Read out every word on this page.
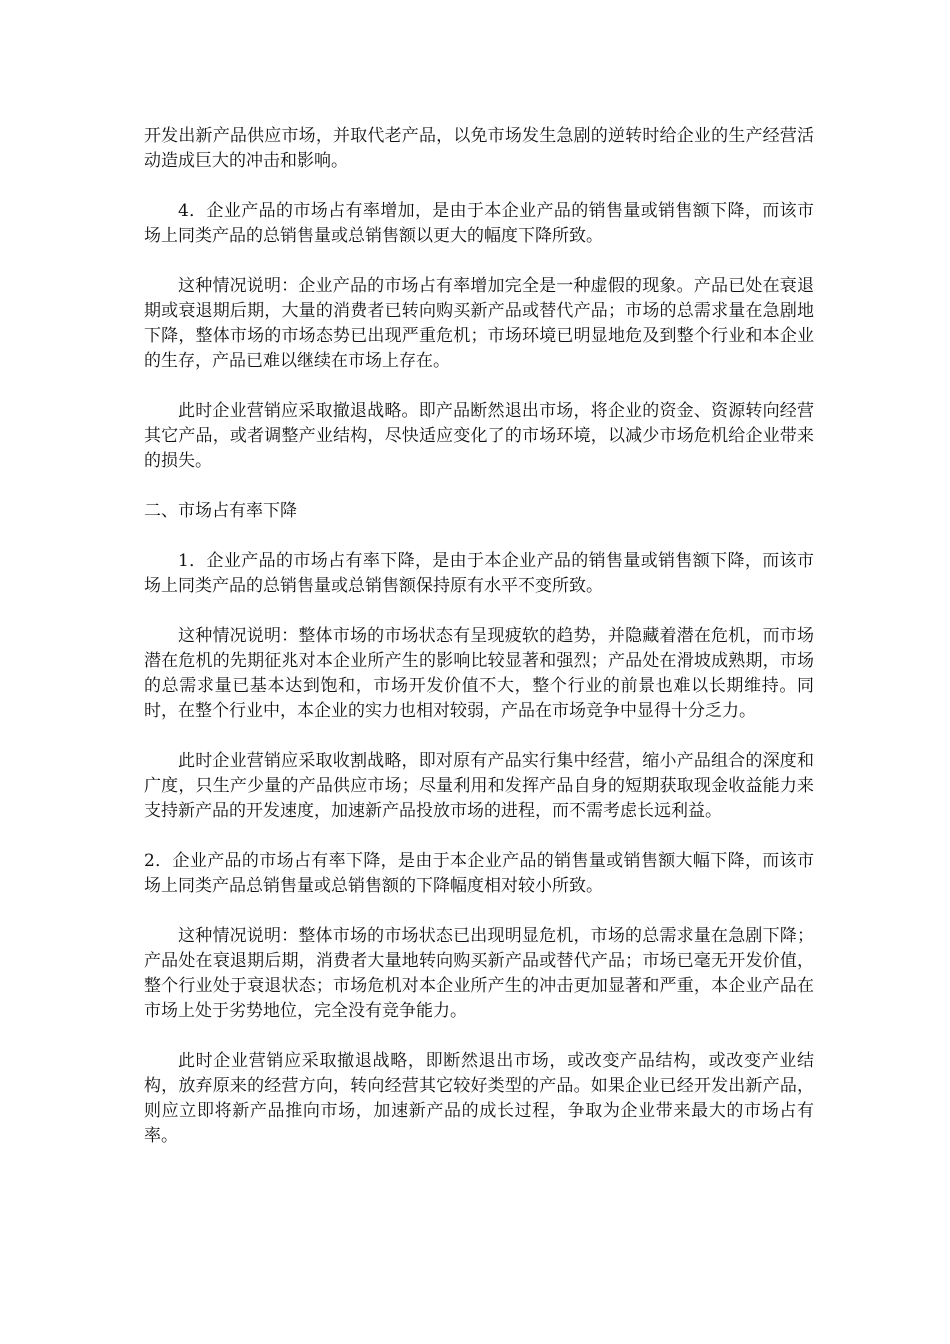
开发出新产品供应市场，并取代老产品，以免市场发生急剧的逆转时给企业的生产经营活动造成巨大的冲击和影响。

4．企业产品的市场占有率增加，是由于本企业产品的销售量或销售额下降，而该市场上同类产品的总销售量或总销售额以更大的幅度下降所致。

这种情况说明：企业产品的市场占有率增加完全是一种虚假的现象。产品已处在衰退期或衰退期后期，大量的消费者已转向购买新产品或替代产品；市场的总需求量在急剧地下降，整体市场的市场态势已出现严重危机；市场环境已明显地危及到整个行业和本企业的生存，产品已难以继续在市场上存在。

此时企业营销应采取撤退战略。即产品断然退出市场，将企业的资金、资源转向经营其它产品，或者调整产业结构，尽快适应变化了的市场环境，以减少市场危机给企业带来的损失。

二、市场占有率下降

1．企业产品的市场占有率下降，是由于本企业产品的销售量或销售额下降，而该市场上同类产品的总销售量或总销售额保持原有水平不变所致。

这种情况说明：整体市场的市场状态有呈现疲软的趋势，并隐藏着潜在危机，而市场潜在危机的先期征兆对本企业所产生的影响比较显著和强烈；产品处在滑坡成熟期，市场的总需求量已基本达到饱和，市场开发价值不大，整个行业的前景也难以长期维持。同时，在整个行业中，本企业的实力也相对较弱，产品在市场竞争中显得十分乏力。

此时企业营销应采取收割战略，即对原有产品实行集中经营，缩小产品组合的深度和广度，只生产少量的产品供应市场；尽量利用和发挥产品自身的短期获取现金收益能力来支持新产品的开发速度，加速新产品投放市场的进程，而不需考虑长远利益。

2．企业产品的市场占有率下降，是由于本企业产品的销售量或销售额大幅下降，而该市场上同类产品总销售量或总销售额的下降幅度相对较小所致。

这种情况说明：整体市场的市场状态已出现明显危机，市场的总需求量在急剧下降；产品处在衰退期后期，消费者大量地转向购买新产品或替代产品；市场已毫无开发价值，整个行业处于衰退状态；市场危机对本企业所产生的冲击更加显著和严重，本企业产品在市场上处于劣势地位，完全没有竞争能力。

此时企业营销应采取撤退战略，即断然退出市场，或改变产品结构，或改变产业结构，放弃原来的经营方向，转向经营其它较好类型的产品。如果企业已经开发出新产品，则应立即将新产品推向市场，加速新产品的成长过程，争取为企业带来最大的市场占有率。
